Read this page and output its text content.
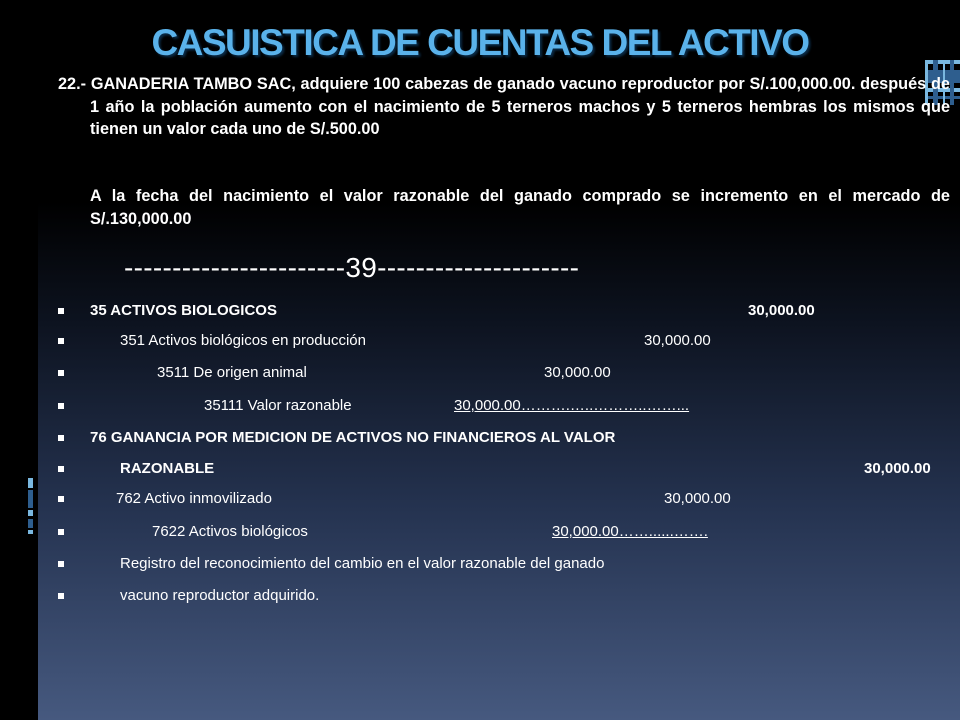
CASUISTICA DE CUENTAS DEL ACTIVO
22.- GANADERIA TAMBO SAC, adquiere 100 cabezas de ganado vacuno reproductor por S/.100,000.00. después de 1 año la población aumento con el nacimiento de 5 terneros machos y 5 terneros hembras los mismos que tienen un valor cada uno de S/.500.00
A la fecha del nacimiento el valor razonable del ganado comprado se incremento en el mercado de S/.130,000.00
-----------------------39---------------------
35 ACTIVOS BIOLOGICOS	30,000.00
351 Activos biológicos en producción	30,000.00
3511 De origen animal	30,000.00
35111 Valor razonable	30,000.00……….…..………..……...
76 GANANCIA POR MEDICION DE ACTIVOS NO FINANCIEROS AL VALOR
RAZONABLE	30,000.00
762 Activo inmovilizado	30,000.00
7622 Activos biológicos	30,000.00……......…….
Registro del reconocimiento del cambio en el valor razonable del ganado
vacuno reproductor adquirido.
